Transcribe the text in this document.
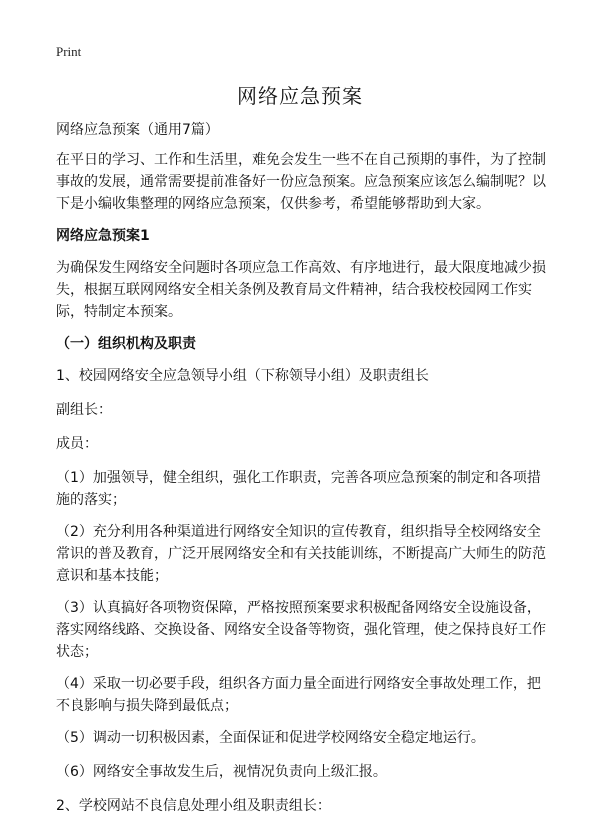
Print
网络应急预案

网络应急预案（通用7篇）

在平日的学习、工作和生活里，难免会发生一些不在自己预期的事件，为了控制事故的发展，通常需要提前准备好一份应急预案。应急预案应该怎么编制呢？以下是小编收集整理的网络应急预案，仅供参考，希望能够帮助到大家。

网络应急预案1

为确保发生网络安全问题时各项应急工作高效、有序地进行，最大限度地减少损失，根据互联网网络安全相关条例及教育局文件精神，结合我校校园网工作实际，特制定本预案。

（一）组织机构及职责

1、校园网络安全应急领导小组（下称领导小组）及职责组长

副组长：

成员：

（1）加强领导，健全组织，强化工作职责，完善各项应急预案的制定和各项措施的落实；

（2）充分利用各种渠道进行网络安全知识的宣传教育，组织指导全校网络安全常识的普及教育，广泛开展网络安全和有关技能训练，不断提高广大师生的防范意识和基本技能；

（3）认真搞好各项物资保障，严格按照预案要求积极配备网络安全设施设备，落实网络线路、交换设备、网络安全设备等物资，强化管理，使之保持良好工作状态；

（4）采取一切必要手段，组织各方面力量全面进行网络安全事故处理工作，把不良影响与损失降到最低点；

（5）调动一切积极因素，全面保证和促进学校网络安全稳定地运行。

（6）网络安全事故发生后，视情况负责向上级汇报。

2、学校网站不良信息处理小组及职责组长：
